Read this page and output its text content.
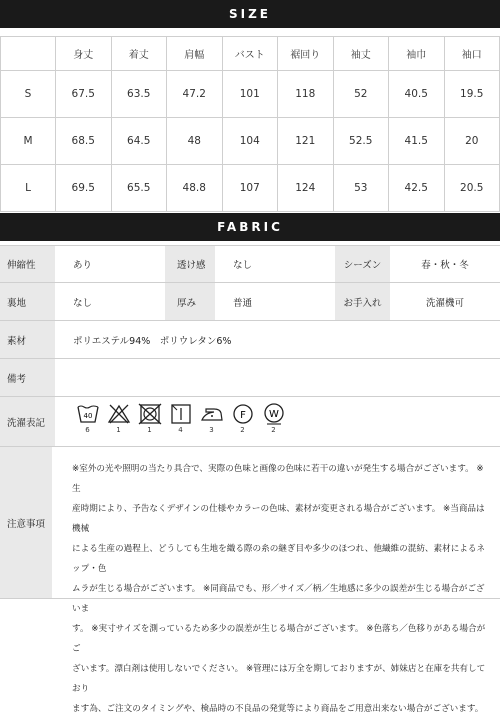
SIZE
	身丈	着丈	肩幅	バスト	裾回り	袖丈	袖巾	袖口
S	67.5	63.5	47.2	101	118	52	40.5	19.5
M	68.5	64.5	48	104	121	52.5	41.5	20
L	69.5	65.5	48.8	107	124	53	42.5	20.5
FABRIC
伸縮性	あり	透け感	なし	シーズン	春・秋・冬
裏地	なし	厚み	普通	お手入れ	洗濯機可
素材	ポリエステル94%　ポリウレタン6%
備考
洗濯表記
40
6	1	1	4	3
F
2
W
2
注意事項
※室外の光や照明の当たり具合で、実際の色味と画像の色味に若干の違いが発生する場合がございます。 ※生
産時期により、予告なくデザインの仕様やカラーの色味、素材が変更される場合がございます。 ※当商品は機械
による生産の過程上、どうしても生地を織る際の糸の継ぎ目や多少のほつれ、他繊維の混紡、素材によるネップ・色
ムラが生じる場合がございます。 ※同商品でも、形／サイズ／柄／生地感に多少の誤差が生じる場合がございま
す。 ※実寸サイズを測っているため多少の誤差が生じる場合がございます。 ※色落ち／色移りがある場合がご
ざいます。漂白剤は使用しないでください。 ※管理には万全を期しておりますが、姉妹店と在庫を共有しており
ます為、ご注文のタイミングや、検品時の不良品の発覚等により商品をご用意出来ない場合がございます。
